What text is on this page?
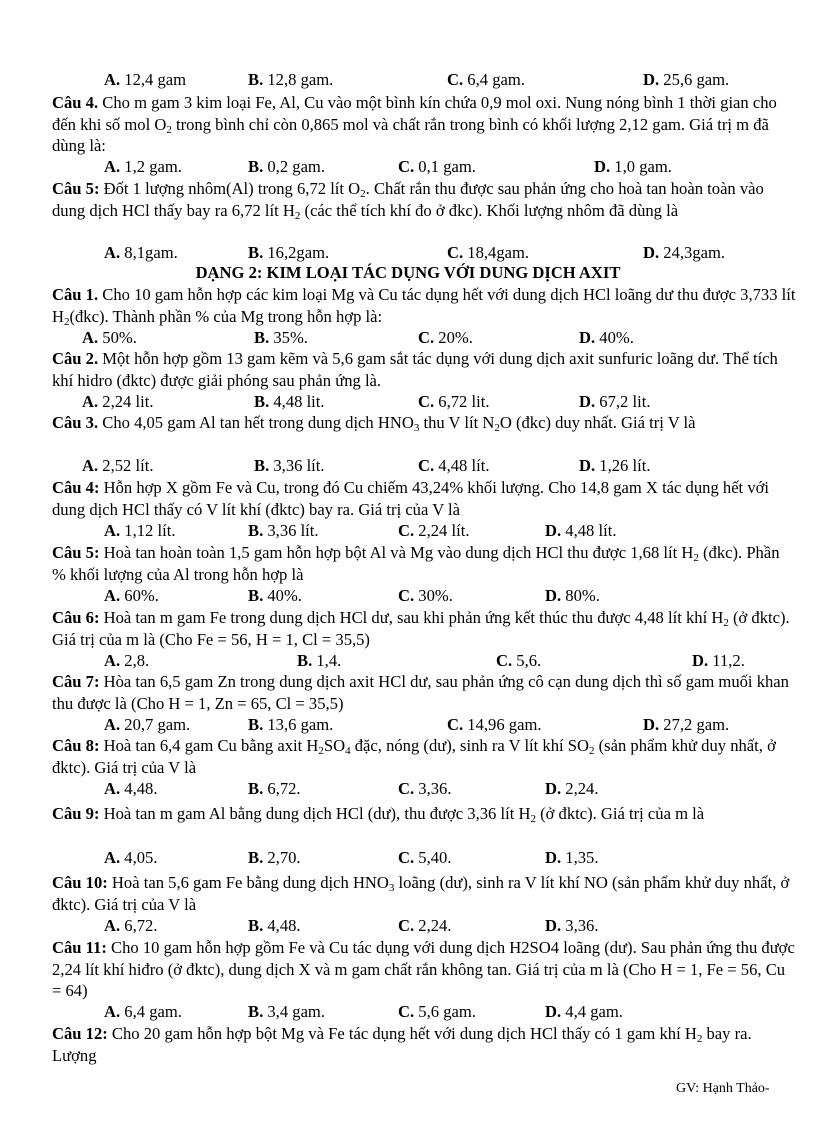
A. 12,4 gam	B. 12,8 gam.	C. 6,4 gam.	D. 25,6 gam.

Câu 4. Cho m gam 3 kim loại Fe, Al, Cu vào một bình kín chứa 0,9 mol oxi. Nung nóng bình 1 thời gian cho đến khi số mol $O_2$ trong bình chỉ còn 0,865 mol và chất rắn trong bình có khối lượng 2,12 gam. Giá trị m đã dùng là:

A. 1,2 gam.	B. 0,2 gam.	C. 0,1 gam.	D. 1,0 gam.

Câu 5: Đốt 1 lượng nhôm(Al) trong 6,72 lít $O_2$. Chất rắn thu được sau phản ứng cho hoà tan hoàn toàn vào dung dịch HCl thấy bay ra 6,72 lít $H_2$ (các thể tích khí đo ở đkc). Khối lượng nhôm đã dùng là

A. 8,1gam.	B. 16,2gam.	C. 18,4gam.	D. 24,3gam.
DẠNG 2: KIM LOẠI TÁC DỤNG VỚI DUNG DỊCH AXIT

Câu 1. Cho 10 gam hỗn hợp các kim loại Mg và Cu tác dụng hết với dung dịch HCl loãng dư thu được 3,733 lít $H_2(đkc)$. Thành phần % của Mg trong hỗn hợp là:

A. 50%.	B. 35%.	C. 20%.	D. 40%.

Câu 2. Một hỗn hợp gồm 13 gam kẽm và 5,6 gam sắt tác dụng với dung dịch axit sunfuric loãng dư. Thể tích khí hidro (đktc) được giải phóng sau phản ứng là.

A. 2,24 lit.	B. 4,48 lit.	C. 6,72 lit.	D. 67,2 lit.

Câu 3. Cho 4,05 gam Al tan hết trong dung dịch $HNO_3$ thu V lít $N_2O$ (đkc) duy nhất. Giá trị V là

A. 2,52 lít.	B. 3,36 lít.	C. 4,48 lít.	D. 1,26 lít.

Câu 4: Hỗn hợp X gồm Fe và Cu, trong đó Cu chiếm 43,24% khối lượng. Cho 14,8 gam X tác dụng hết với dung dịch HCl thấy có V lít khí (đktc) bay ra. Giá trị của V là

A. 1,12 lít.	B. 3,36 lít.	C. 2,24 lít.	D. 4,48 lít.

Câu 5: Hoà tan hoàn toàn 1,5 gam hỗn hợp bột Al và Mg vào dung dịch HCl thu được 1,68 lít $H_2$ (đkc). Phần % khối lượng của Al trong hỗn hợp là

A. 60%.	B. 40%.	C. 30%.	D. 80%.

Câu 6: Hoà tan m gam Fe trong dung dịch HCl dư, sau khi phản ứng kết thúc thu được 4,48 lít khí $H_2$ (ở đktc). Giá trị của m là (Cho Fe = 56, H = 1, Cl = 35,5)

A. 2,8.	B. 1,4.	C. 5,6.	D. 11,2.

Câu 7: Hòa tan 6,5 gam Zn trong dung dịch axit HCl dư, sau phản ứng cô cạn dung dịch thì số gam muối khan thu được là (Cho H = 1, Zn = 65, Cl = 35,5)

A. 20,7 gam.	B. 13,6 gam.	C. 14,96 gam.	D. 27,2 gam.

Câu 8: Hoà tan 6,4 gam Cu bằng axit $H_2SO_4$ đặc, nóng (dư), sinh ra V lít khí $SO_2$ (sản phẩm khử duy nhất, ở đktc). Giá trị của V là

A. 4,48.	B. 6,72.	C. 3,36.	D. 2,24.

Câu 9: Hoà tan m gam Al bằng dung dịch HCl (dư), thu được 3,36 lít $H_2$ (ở đktc). Giá trị của m là

A. 4,05.	B. 2,70.	C. 5,40.	D. 1,35.

Câu 10: Hoà tan 5,6 gam Fe bằng dung dịch $HNO_3$ loãng (dư), sinh ra V lít khí NO (sản phẩm khử duy nhất, ở đktc). Giá trị của V là

A. 6,72.	B. 4,48.	C. 2,24.	D. 3,36.

Câu 11: Cho 10 gam hỗn hợp gồm Fe và Cu tác dụng với dung dịch H2SO4 loãng (dư). Sau phản ứng thu được 2,24 lít khí hiđro (ở đktc), dung dịch X và m gam chất rắn không tan. Giá trị của m là (Cho H = 1, Fe = 56, Cu = 64)

A. 6,4 gam.	B. 3,4 gam.	C. 5,6 gam.	D. 4,4 gam.

Câu 12: Cho 20 gam hỗn hợp bột Mg và Fe tác dụng hết với dung dịch HCl thấy có 1 gam khí $H_2$ bay ra. Lượng

GV: Hạnh Thảo-
